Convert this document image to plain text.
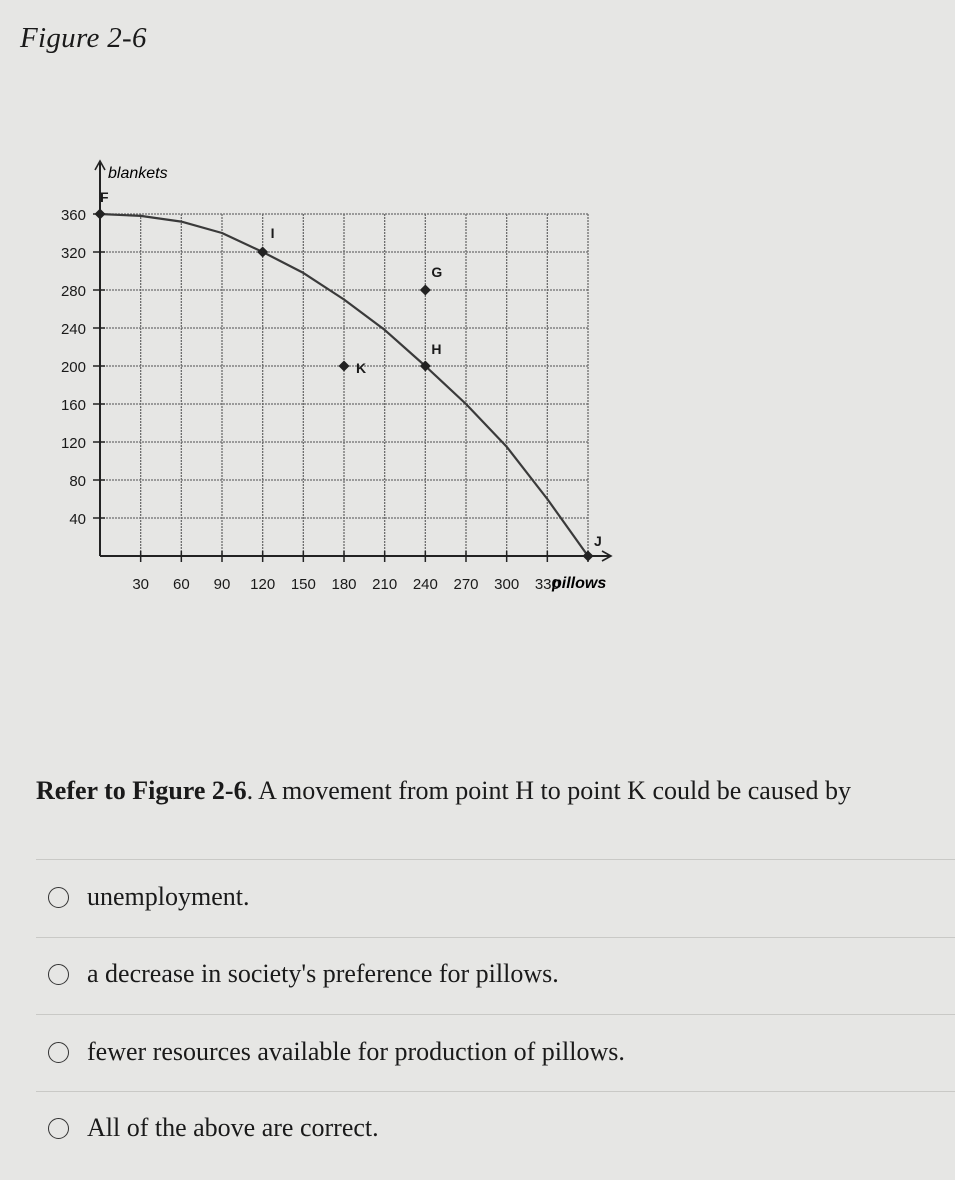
Figure 2-6
30 60 90 120 150 180 210 240 270 300 330
40
80
120
160
200
240
280
320
360
F
I
G
H
K
J
blankets
pillows
Refer to Figure 2-6. A movement from point H to point K could be caused by
unemployment.
a decrease in society's preference for pillows.
fewer resources available for production of pillows.
All of the above are correct.
